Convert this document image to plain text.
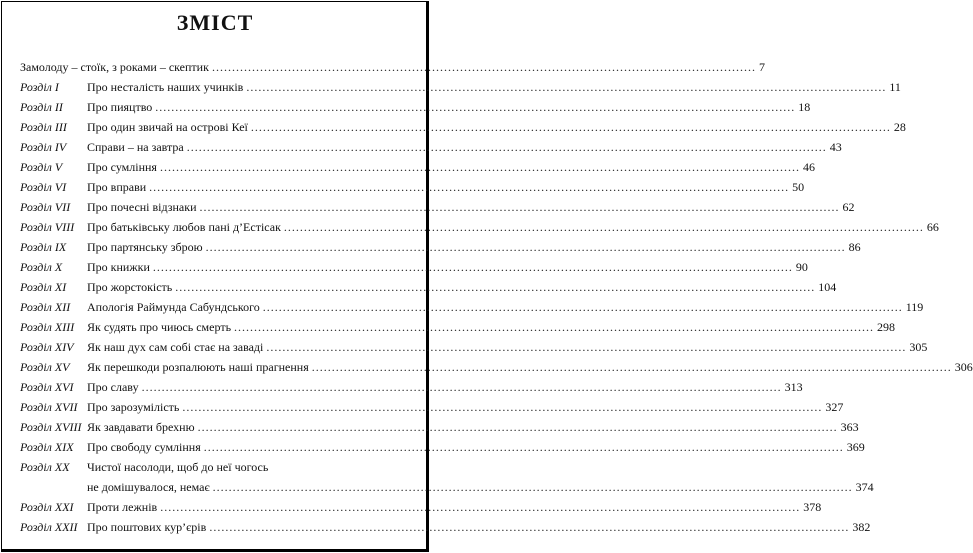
ЗМІСТ
Замолоду – стоїк, з роками – скептик ........................................................................................................................................ 7
Розділ I	Про несталість наших учинків ................................................................................................................................................................ 11
Розділ II	Про пияцтво ................................................................................................................................................................ 18
Розділ III	Про один звичай на острові Кеї ................................................................................................................................................................ 28
Розділ IV	Справи – на завтра ................................................................................................................................................................ 43
Розділ V	Про сумління ................................................................................................................................................................ 46
Розділ VI	Про вправи ................................................................................................................................................................ 50
Розділ VII	Про почесні відзнаки ................................................................................................................................................................ 62
Розділ VIII	Про батьківську любов пані д’Естісак ................................................................................................................................................................ 66
Розділ IX	Про партянську зброю ................................................................................................................................................................ 86
Розділ X	Про книжки ................................................................................................................................................................ 90
Розділ XI	Про жорстокість ................................................................................................................................................................ 104
Розділ XII	Апологія Раймунда Сабундського ................................................................................................................................................................ 119
Розділ XIII	Як судять про чиюсь смерть ................................................................................................................................................................ 298
Розділ XIV	Як наш дух сам собі стає на заваді ................................................................................................................................................................ 305
Розділ XV	Як перешкоди розпалюють наші прагнення ................................................................................................................................................................ 306
Розділ XVI	Про славу ................................................................................................................................................................ 313
Розділ XVII Про зарозумілість ................................................................................................................................................................ 327
Розділ XVIII Як завдавати брехню ................................................................................................................................................................ 363
Розділ XIX	Про свободу сумління ................................................................................................................................................................ 369
Розділ XX	Чистої насолоди, щоб до неї чогось
не домішувалося, немає ................................................................................................................................................................ 374
Розділ XXI	Проти лежнів ................................................................................................................................................................ 378
Розділ XXII Про поштових кур’єрів ................................................................................................................................................................ 382
